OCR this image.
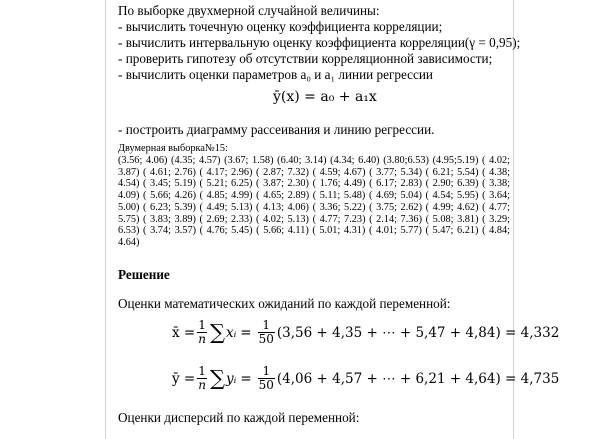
По выборке двухмерной случайной величины:
- вычислить точечную оценку коэффициента корреляции;
- вычислить интервальную оценку коэффициента корреляции(γ = 0,95);
- проверить гипотезу об отсутствии корреляционной зависимости;
- вычислить оценки параметров a₀ и a₁ линии регрессии
ȳ(x) = a₀ + a₁x
- построить диаграмму рассеивания и линию регрессии.
Двумерная выборка№15:
(3.56; 4.06) (4.35; 4.57) (3.67; 1.58) (6.40; 3.14) (4.34; 6.40) (3.80;6.53) (4.95;5.19) ( 4.02; 3.87) ( 4.61; 2.76) ( 4.17; 2.96) ( 2.87; 7.32) ( 4.59; 4.67) ( 3.77; 5.34) ( 6.21; 5.54) ( 4.38; 4.54) ( 3.45; 5.19) ( 5.21; 6.25) ( 3.87; 2.30) ( 1.76; 4.49) ( 6.17; 2.83) ( 2.90; 6.39) ( 3.38; 4.09) ( 5.66; 4.26) ( 4.85; 4.99) ( 4.65; 2.89) ( 5.11; 5.48) ( 4.69; 5.04) ( 4.54; 5.95) ( 3.64; 5.00) ( 6.23; 5.39) ( 4.49; 5.13) ( 4.13; 4.06) ( 3.36; 5.22) ( 3.75; 2.62) ( 4.99; 4.62) ( 4.77; 5.75) ( 3.83; 3.89) ( 2.69; 2.33) ( 4.02; 5.13) ( 4.77; 7.23) ( 2.14; 7.36) ( 5.08; 3.81) ( 3.29; 6.53) ( 3.74; 3.57) ( 4.76; 5.45) ( 5.66; 4.11) ( 5.01; 4.31) ( 4.01; 5.77) ( 5.47; 6.21) ( 4.84; 4.64)
Решение
Оценки математических ожиданий по каждой переменной:
x̄ = $\frac{1}{n}$ ∑ xᵢ = $\frac{1}{50} (3,56 + 4,35$ + ⋯ + 5,47 + 4,84) = 4,332
ȳ = $\frac{1}{n}$ ∑ yᵢ = $\frac{1}{50} (4,06 + 4,57$ + ⋯ + 6,21 + 4,64) = 4,735
Оценки дисперсий по каждой переменной:
